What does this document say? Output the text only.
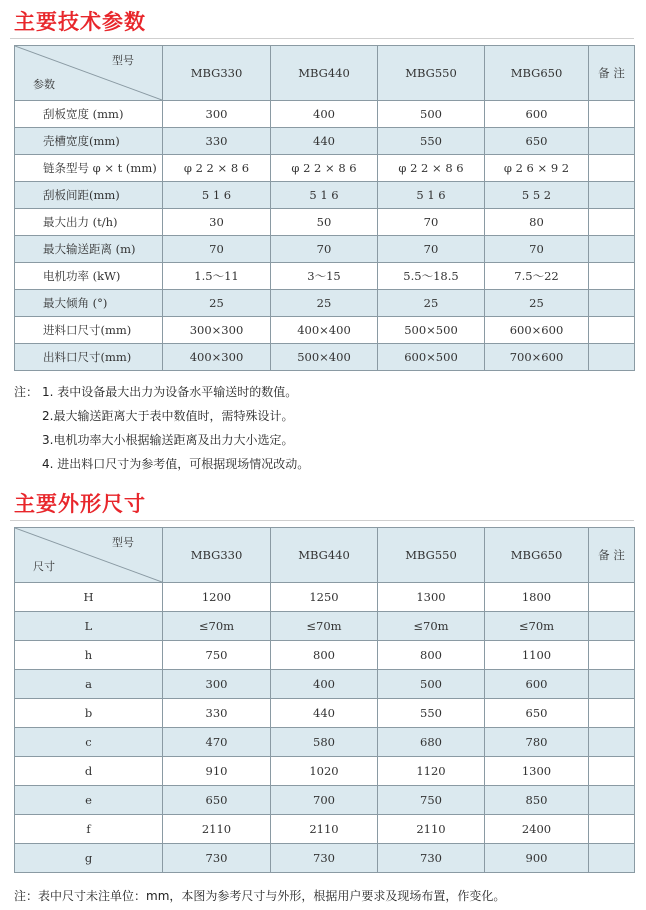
主要技术参数
型号
参数	MBG330	MBG440	MBG550	MBG650	备 注
刮板宽度 (mm)	300	400	500	600	
壳槽宽度(mm)	330	440	550	650	
链条型号 φ × t (mm)	φ 2 2 × 8 6	φ 2 2 × 8 6	φ 2 2 × 8 6	φ 2 6 × 9 2	
刮板间距(mm)	5 1 6	5 1 6	5 1 6	5 5 2	
最大出力 (t/h)	30	50	70	80	
最大输送距离 (m)	70	70	70	70	
电机功率 (kW)	1.5～11	3～15	5.5～18.5	7.5～22	
最大倾角 (°)	25	25	25	25	
进料口尺寸(mm)	300×300	400×400	500×500	600×600	
出料口尺寸(mm)	400×300	500×400	600×500	700×600	
注： 1. 表中设备最大出力为设备水平输送时的数值。
2.最大输送距离大于表中数值时，需特殊设计。
3.电机功率大小根据输送距离及出力大小选定。
4. 进出料口尺寸为参考值，可根据现场情况改动。
主要外形尺寸
型号
尺寸	MBG330	MBG440	MBG550	MBG650	备 注
H	1200	1250	1300	1800	
L	≤70m	≤70m	≤70m	≤70m	
h	750	800	800	1100	
a	300	400	500	600	
b	330	440	550	650	
c	470	580	680	780	
d	910	1020	1120	1300	
e	650	700	750	850	
f	2110	2110	2110	2400	
g	730	730	730	900	
注：表中尺寸未注单位：mm，本图为参考尺寸与外形，根据用户要求及现场布置，作变化。
